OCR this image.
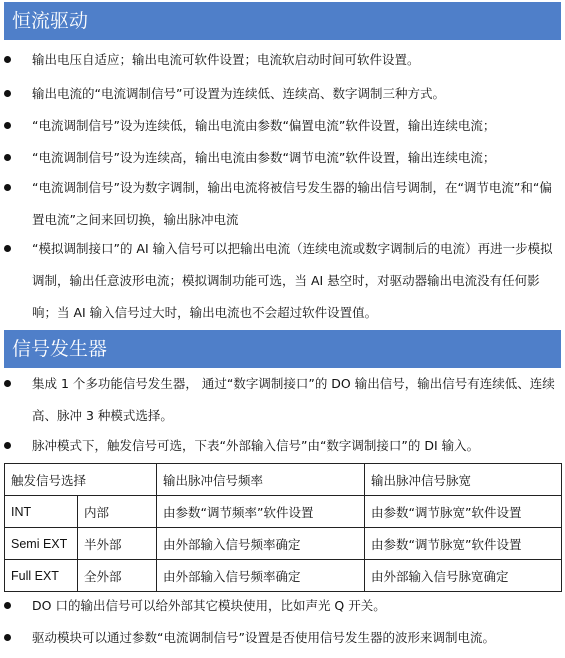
恒流驱动
输出电压自适应；输出电流可软件设置；电流软启动时间可软件设置。
输出电流的“电流调制信号”可设置为连续低、连续高、数字调制三种方式。
“电流调制信号”设为连续低，输出电流由参数“偏置电流”软件设置，输出连续电流；
“电流调制信号”设为连续高，输出电流由参数“调节电流”软件设置，输出连续电流；
“电流调制信号”设为数字调制，输出电流将被信号发生器的输出信号调制，在“调节电流”和“偏置电流”之间来回切换，输出脉冲电流
“模拟调制接口”的 AI 输入信号可以把输出电流（连续电流或数字调制后的电流）再进一步模拟调制，输出任意波形电流；模拟调制功能可选，当 AI 悬空时，对驱动器输出电流没有任何影响；当 AI 输入信号过大时，输出电流也不会超过软件设置值。
信号发生器
集成 1 个多功能信号发生器， 通过“数字调制接口”的 DO 输出信号，输出信号有连续低、连续高、脉冲 3 种模式选择。
脉冲模式下，触发信号可选，下表“外部输入信号”由“数字调制接口”的 DI 输入。
触发信号选择		输出脉冲信号频率	输出脉冲信号脉宽
INT	内部	由参数“调节频率”软件设置	由参数“调节脉宽”软件设置
Semi EXT	半外部	由外部输入信号频率确定	由参数“调节脉宽”软件设置
Full EXT	全外部	由外部输入信号频率确定	由外部输入信号脉宽确定
DO 口的输出信号可以给外部其它模块使用，比如声光 Q 开关。
驱动模块可以通过参数“电流调制信号”设置是否使用信号发生器的波形来调制电流。
